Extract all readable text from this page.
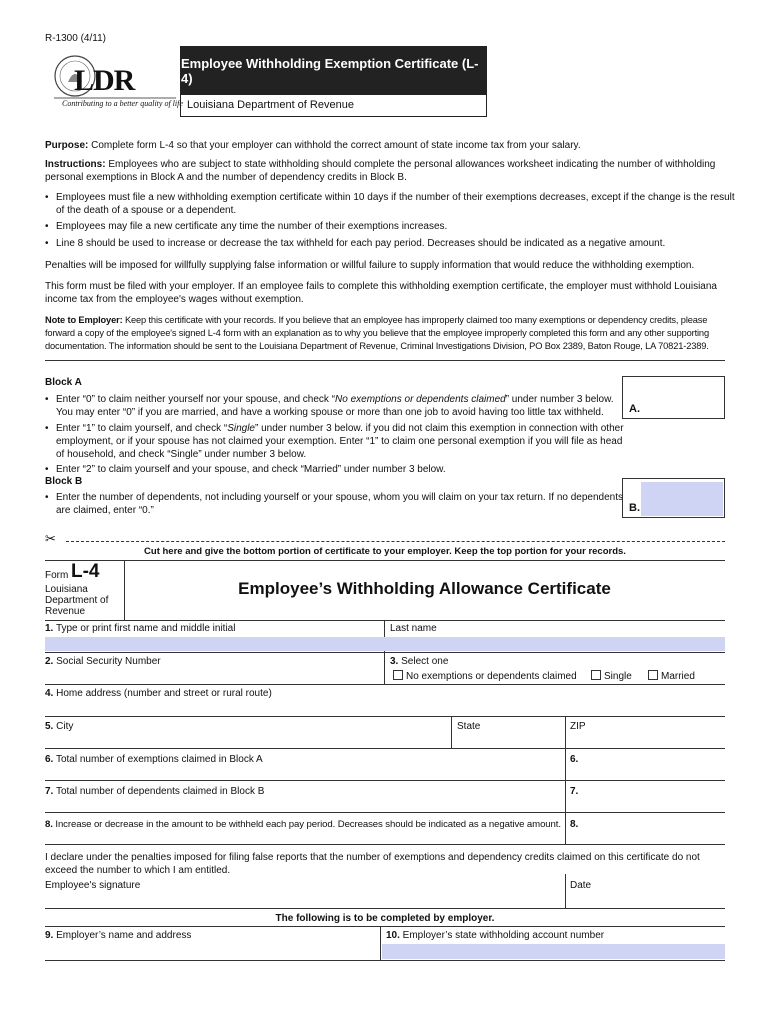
R-1300 (4/11)
LDR
Contributing to a better quality of life
Employee Withholding Exemption Certificate (L-4)
Louisiana Department of Revenue

Purpose: Complete form L-4 so that your employer can withhold the correct amount of state income tax from your salary.

Instructions: Employees who are subject to state withholding should complete the personal allowances worksheet indicating the number of withholding personal exemptions in Block A and the number of dependency credits in Block B.

• Employees must file a new withholding exemption certificate within 10 days if the number of their exemptions decreases, except if the change is the result of the death of a spouse or a dependent.

• Employees may file a new certificate any time the number of their exemptions increases.

• Line 8 should be used to increase or decrease the tax withheld for each pay period. Decreases should be indicated as a negative amount.

Penalties will be imposed for willfully supplying false information or willful failure to supply information that would reduce the withholding exemption.

This form must be filed with your employer. If an employee fails to complete this withholding exemption certificate, the employer must withhold Louisiana income tax from the employee's wages without exemption.

Note to Employer: Keep this certificate with your records. If you believe that an employee has improperly claimed too many exemptions or dependency credits, please forward a copy of the employee's signed L-4 form with an explanation as to why you believe that the employee improperly completed this form and any other supporting documentation. The information should be sent to the Louisiana Department of Revenue, Criminal Investigations Division, PO Box 2389, Baton Rouge, LA 70821-2389.

Block A

• Enter “0” to claim neither yourself nor your spouse, and check “No exemptions or dependents claimed” under number 3 below. You may enter “0” if you are married, and have a working spouse or more than one job to avoid having too little tax withheld.

• Enter “1” to claim yourself, and check “Single” under number 3 below. if you did not claim this exemption in connection with other employment, or if your spouse has not claimed your exemption. Enter “1” to claim one personal exemption if you will file as head of household, and check “Single” under number 3 below.

• Enter “2” to claim yourself and your spouse, and check “Married” under number 3 below.

A.

Block B

• Enter the number of dependents, not including yourself or your spouse, whom you will claim on your tax return. If no dependents are claimed, enter “0.”	B.
✂
Cut here and give the bottom portion of certificate to your employer. Keep the top portion for your records.
Form L-4
Louisiana
Department of
Revenue
Employee’s Withholding Allowance Certificate
1. Type or print first name and middle initial	Last name
2. Social Security Number	3. Select one
No exemptions or dependents claimed	Single	Married
4. Home address (number and street or rural route)
5. City	State	ZIP
6. Total number of exemptions claimed in Block A	6.
7. Total number of dependents claimed in Block B	7.
8. Increase or decrease in the amount to be withheld each pay period. Decreases should be indicated as a negative amount. 8.

I declare under the penalties imposed for filing false reports that the number of exemptions and dependency credits claimed on this certificate do not exceed the number to which I am entitled.

Employee's signature	Date
The following is to be completed by employer.
9. Employer’s name and address	10. Employer’s state withholding account number
